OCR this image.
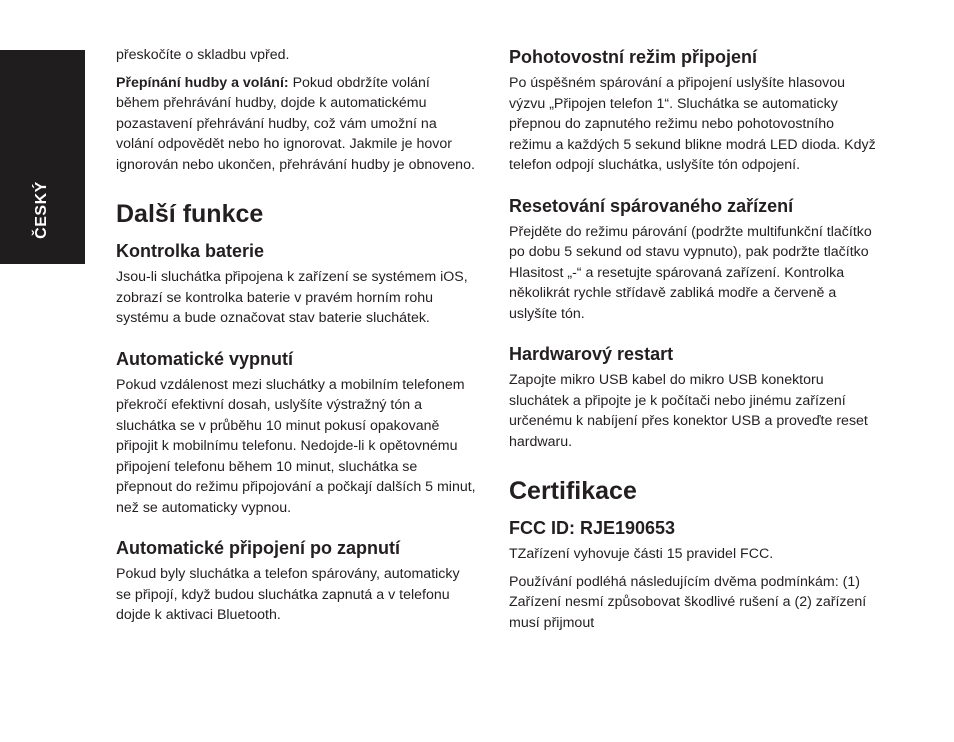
ČESKÝ

přeskočíte o skladbu vpřed.

Přepínání hudby a volání: Pokud obdržíte volání během přehrávání hudby, dojde k automatickému pozastavení přehrávání hudby, což vám umožní na volání odpovědět nebo ho ignorovat. Jakmile je hovor ignorován nebo ukončen, přehrávání hudby je obnoveno.

Další funkce
Kontrolka baterie

Jsou-li sluchátka připojena k zařízení se systémem iOS, zobrazí se kontrolka baterie v pravém horním rohu systému a bude označovat stav baterie sluchátek.

Automatické vypnutí

Pokud vzdálenost mezi sluchátky a mobilním telefonem překročí efektivní dosah, uslyšíte výstražný tón a sluchátka se v průběhu 10 minut pokusí opakovaně připojit k mobilnímu telefonu. Nedojde-li k opětovnému připojení telefonu během 10 minut, sluchátka se přepnout do režimu připojování a počkají dalších 5 minut, než se automaticky vypnou.

Automatické připojení po zapnutí

Pokud byly sluchátka a telefon spárovány, automaticky se připojí, když budou sluchátka zapnutá a v telefonu dojde k aktivaci Bluetooth.

Pohotovostní režim připojení

Po úspěšném spárování a připojení uslyšíte hlasovou výzvu „Připojen telefon 1“. Sluchátka se automaticky přepnou do zapnutého režimu nebo pohotovostního režimu a každých 5 sekund blikne modrá LED dioda. Když telefon odpojí sluchátka, uslyšíte tón odpojení.

Resetování spárovaného zařízení

Přejděte do režimu párování (podržte multifunkční tlačítko po dobu 5 sekund od stavu vypnuto), pak podržte tlačítko Hlasitost „-“ a resetujte spárovaná zařízení. Kontrolka několikrát rychle střídavě zabliká modře a červeně a uslyšíte tón.

Hardwarový restart

Zapojte mikro USB kabel do mikro USB konektoru sluchátek a připojte je k počítači nebo jinému zařízení určenému k nabíjení přes konektor USB a proveďte reset hardwaru.

Certifikace
FCC ID: RJE190653

TZařízení vyhovuje části 15 pravidel FCC.

Používání podléhá následujícím dvěma podmínkám: (1) Zařízení nesmí způsobovat škodlivé rušení a (2) zařízení musí přijmout
